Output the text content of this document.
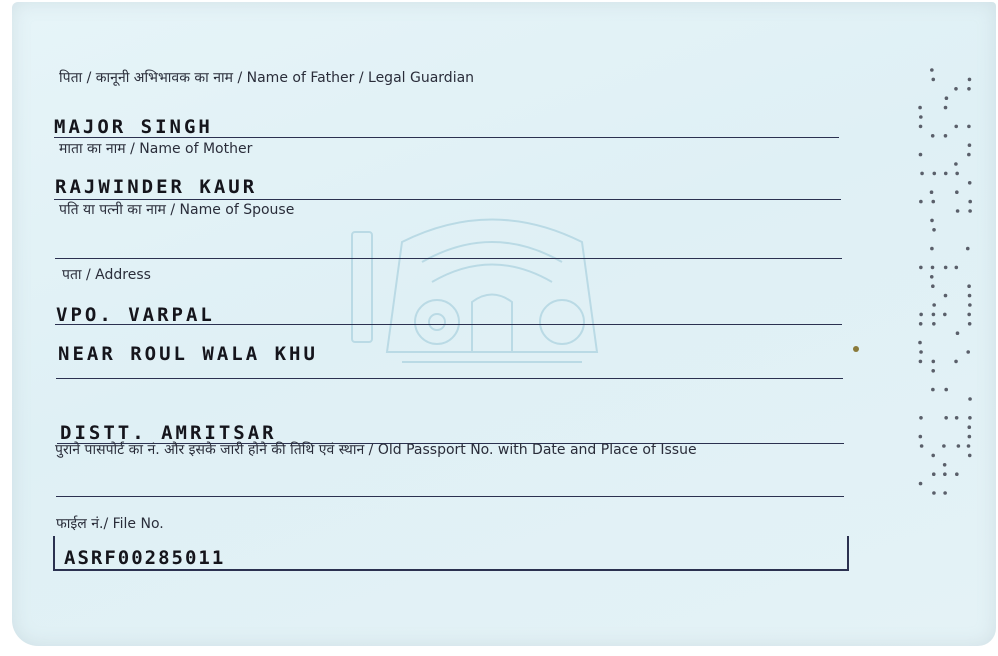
पिता / कानूनी अभिभावक का नाम / Name of Father / Legal Guardian
MAJOR SINGH
माता का नाम / Name of Mother
RAJWINDER KAUR
पति या पत्नी का नाम / Name of Spouse
पता / Address
VPO. VARPAL
NEAR ROUL WALA KHU
DISTT. AMRITSAR
पुराने पासपोर्ट का नं. और इसके जारी होने की तिथि एवं स्थान / Old Passport No. with Date and Place of Issue
फाईल नं./ File No.
ASRF00285011
